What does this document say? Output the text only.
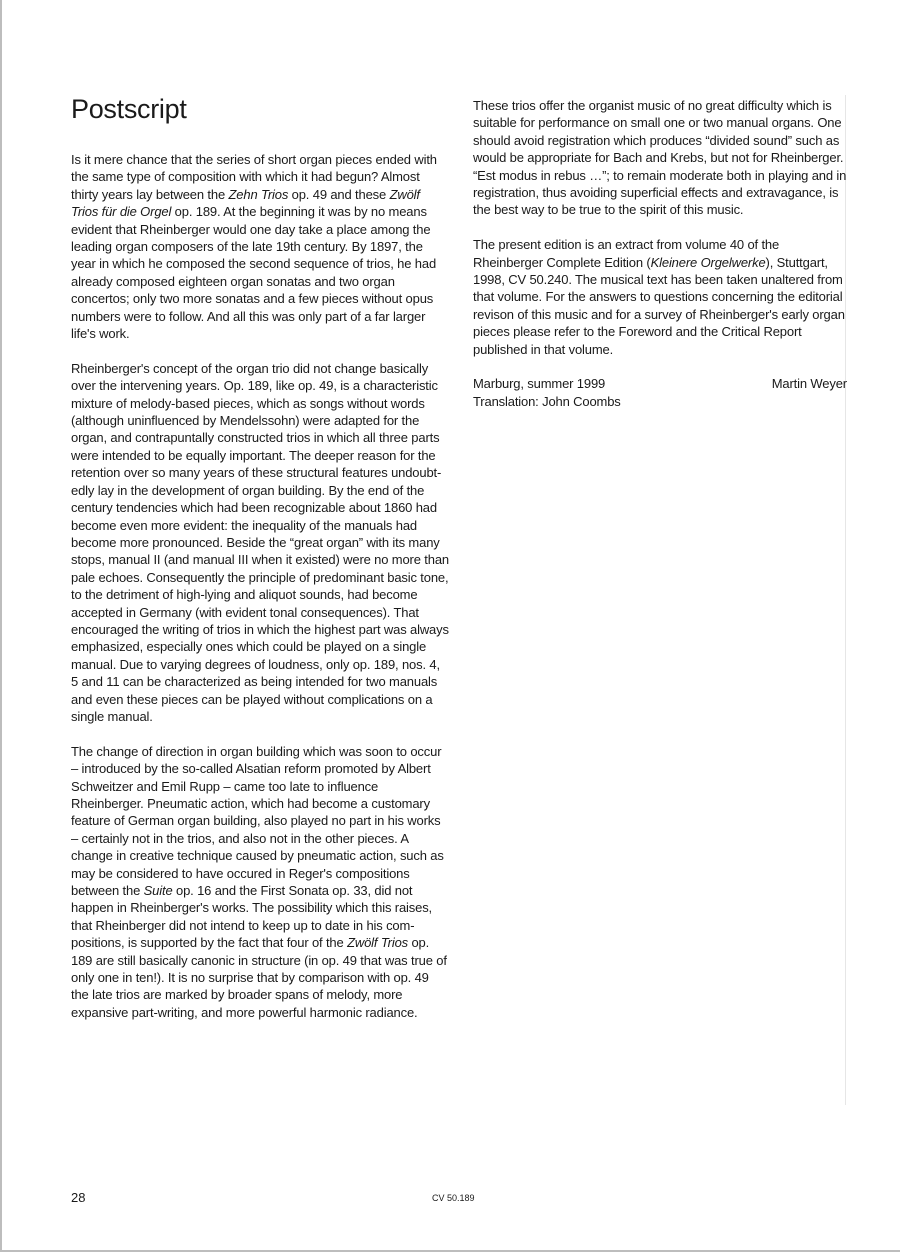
Postscript

Is it mere chance that the series of short organ pieces ended with the same type of composition with which it had begun? Almost thirty years lay between the Zehn Trios op. 49 and these Zwölf Trios für die Orgel op. 189. At the beginning it was by no means evident that Rheinberger would one day take a place among the leading organ composers of the late 19th century. By 1897, the year in which he composed the second sequence of trios, he had already composed eighteen organ sonatas and two organ concertos; only two more sonatas and a few pieces without opus numbers were to follow. And all this was only part of a far larger life's work.

Rheinberger's concept of the organ trio did not change basically over the intervening years. Op. 189, like op. 49, is a characteristic mixture of melody-based pieces, which as songs without words (although uninfluenced by Mendelssohn) were adapted for the organ, and contrapuntally constructed trios in which all three parts were intended to be equally important. The deeper reason for the retention over so many years of these structural features undoubtedly lay in the development of organ building. By the end of the century tendencies which had been recognizable about 1860 had become even more evident: the inequality of the manuals had become more pronounced. Beside the “great organ” with its many stops, manual II (and manual III when it existed) were no more than pale echoes. Consequently the principle of predominant basic tone, to the detriment of high-lying and aliquot sounds, had become accepted in Germany (with evident tonal consequences). That encouraged the writing of trios in which the highest part was always emphasized, especially ones which could be played on a single manual. Due to varying degrees of loudness, only op. 189, nos. 4, 5 and 11 can be characterized as being intended for two manuals and even these pieces can be played without complications on a single manual.

The change of direction in organ building which was soon to occur – introduced by the so-called Alsatian reform promoted by Albert Schweitzer and Emil Rupp – came too late to influence Rheinberger. Pneumatic action, which had become a customary feature of German organ building, also played no part in his works – certainly not in the trios, and also not in the other pieces. A change in creative technique caused by pneumatic action, such as may be considered to have occured in Reger's compositions between the Suite op. 16 and the First Sonata op. 33, did not happen in Rheinberger's works. The possibility which this raises, that Rheinberger did not intend to keep up to date in his compositions, is supported by the fact that four of the Zwölf Trios op. 189 are still basically canonic in structure (in op. 49 that was true of only one in ten!). It is no surprise that by comparison with op. 49 the late trios are marked by broader spans of melody, more expansive part-writing, and more powerful harmonic radiance.

These trios offer the organist music of no great difficulty which is suitable for performance on small one or two manual organs. One should avoid registration which produces “divided sound” such as would be appropriate for Bach and Krebs, but not for Rheinberger. “Est modus in rebus …”; to remain moderate both in playing and in registration, thus avoiding superficial effects and extravagance, is the best way to be true to the spirit of this music.

The present edition is an extract from volume 40 of the Rheinberger Complete Edition (Kleinere Orgelwerke), Stuttgart, 1998, CV 50.240. The musical text has been taken unaltered from that volume. For the answers to questions concerning the editorial revison of this music and for a survey of Rheinberger's early organ pieces please refer to the Foreword and the Critical Report published in that volume.

Marburg, summer 1999	Martin Weyer
Translation: John Coombs
28	CV 50.189
